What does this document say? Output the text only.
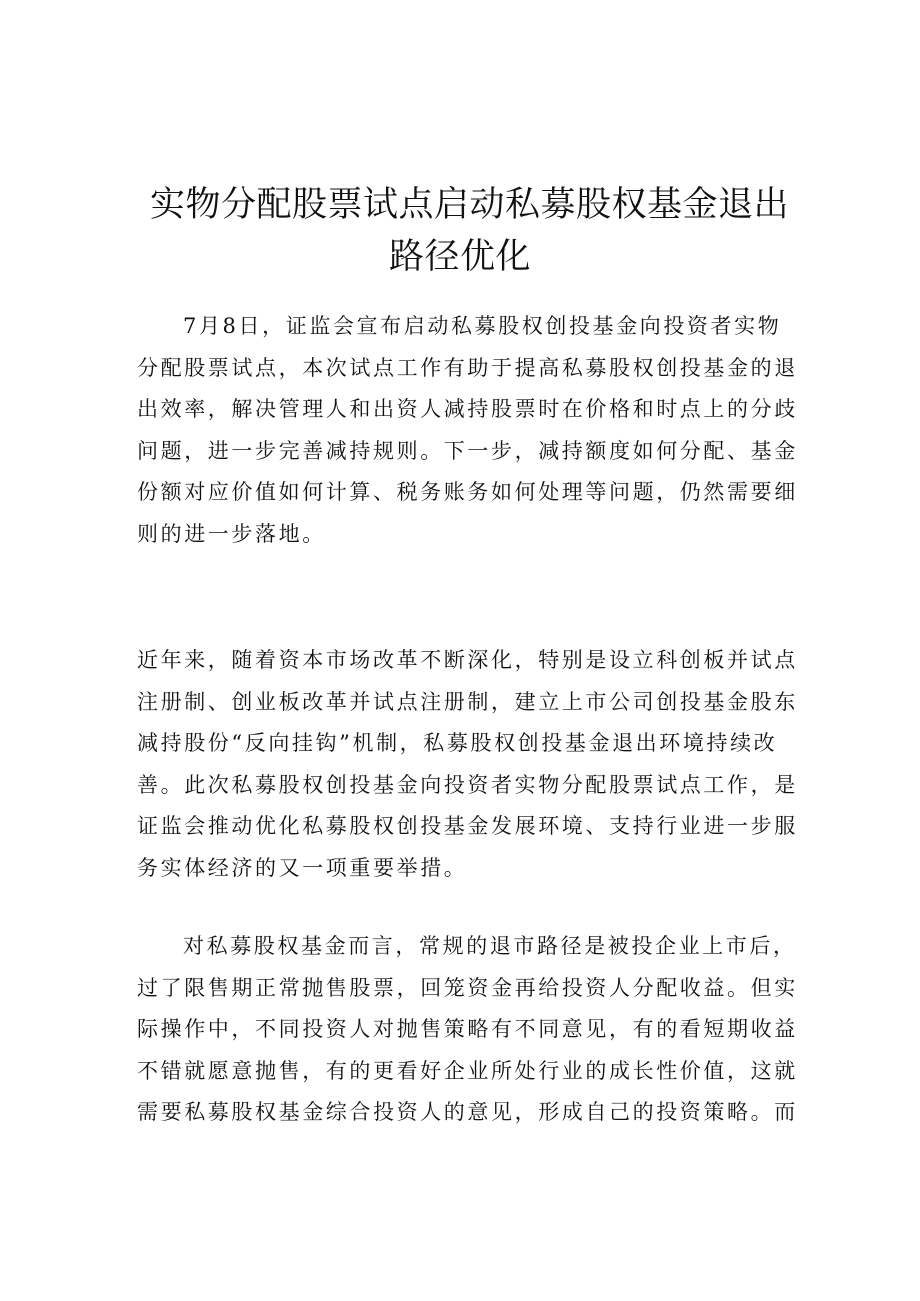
实物分配股票试点启动私募股权基金退出
路径优化
7月8日，证监会宣布启动私募股权创投基金向投资者实物
分配股票试点，本次试点工作有助于提高私募股权创投基金的退
出效率，解决管理人和出资人减持股票时在价格和时点上的分歧
问题，进一步完善减持规则。下一步，减持额度如何分配、基金
份额对应价值如何计算、税务账务如何处理等问题，仍然需要细
则的进一步落地。
近年来，随着资本市场改革不断深化，特别是设立科创板并试点
注册制、创业板改革并试点注册制，建立上市公司创投基金股东
减持股份“反向挂钩”机制，私募股权创投基金退出环境持续改
善。此次私募股权创投基金向投资者实物分配股票试点工作，是
证监会推动优化私募股权创投基金发展环境、支持行业进一步服
务实体经济的又一项重要举措。
对私募股权基金而言，常规的退市路径是被投企业上市后，
过了限售期正常抛售股票，回笼资金再给投资人分配收益。但实
际操作中，不同投资人对抛售策略有不同意见，有的看短期收益
不错就愿意抛售，有的更看好企业所处行业的成长性价值，这就
需要私募股权基金综合投资人的意见，形成自己的投资策略。而
